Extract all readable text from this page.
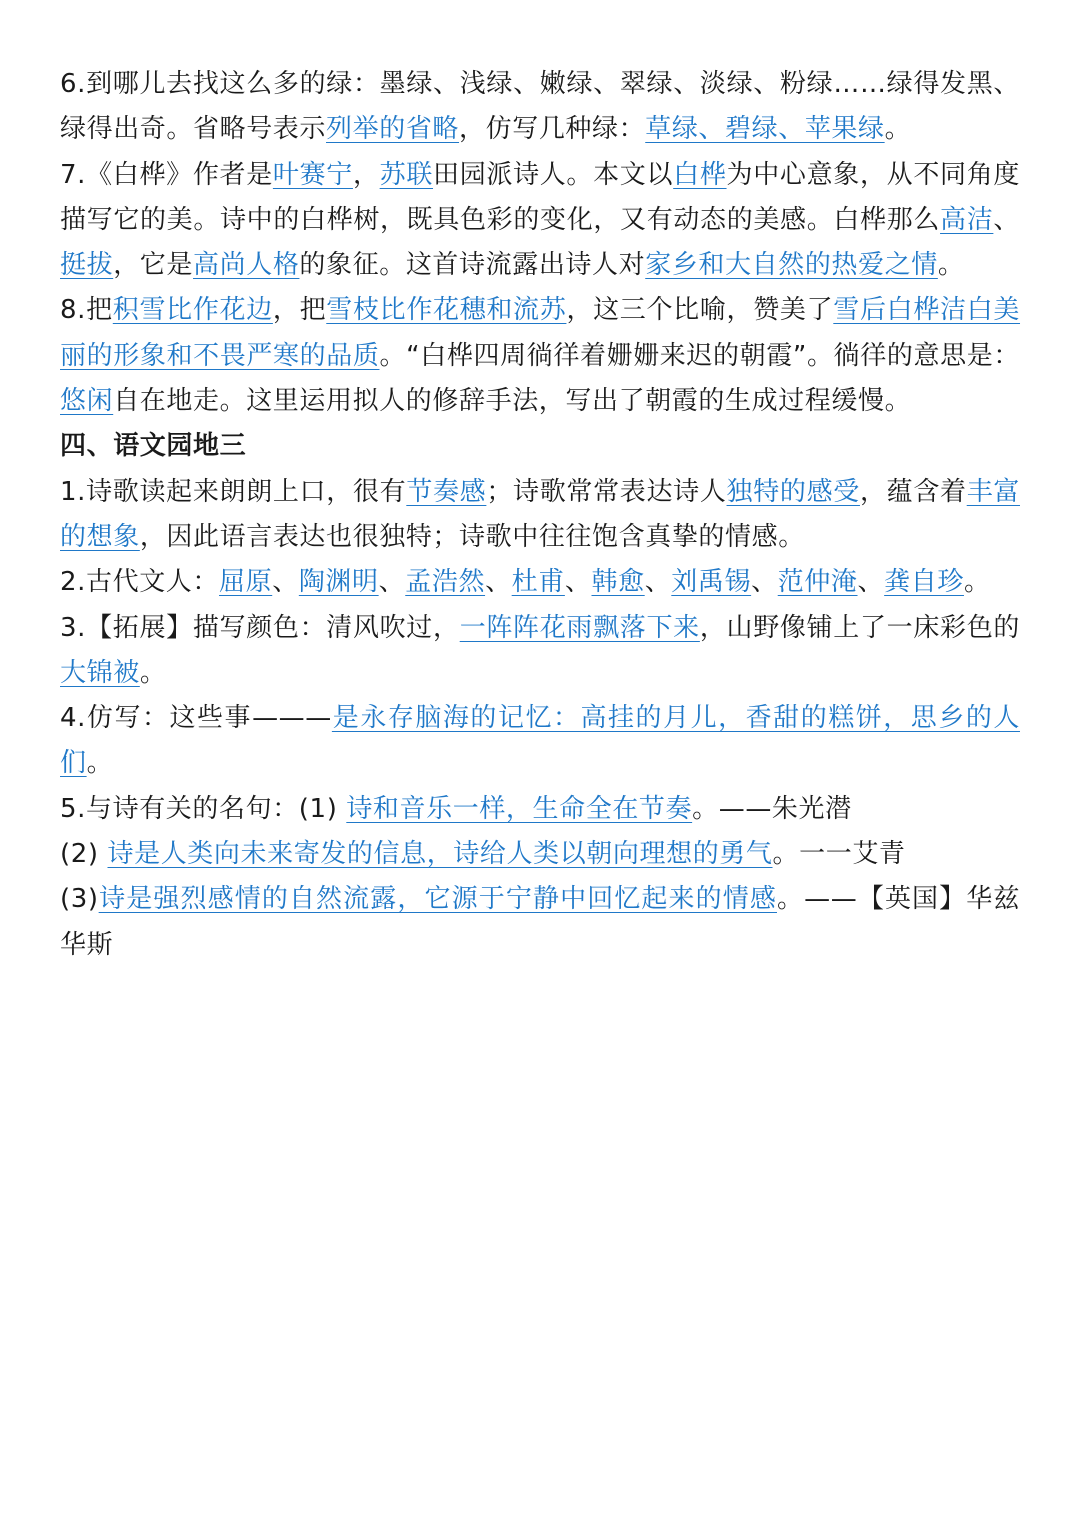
6.到哪儿去找这么多的绿：墨绿、浅绿、嫩绿、翠绿、淡绿、粉绿……绿得发黑、绿得出奇。省略号表示列举的省略，仿写几种绿：草绿、碧绿、苹果绿。

7.《白桦》作者是叶赛宁，苏联田园派诗人。本文以白桦为中心意象，从不同角度描写它的美。诗中的白桦树，既具色彩的变化，又有动态的美感。白桦那么高洁、挺拔，它是高尚人格的象征。这首诗流露出诗人对家乡和大自然的热爱之情。

8.把积雪比作花边，把雪枝比作花穗和流苏，这三个比喻，赞美了雪后白桦洁白美丽的形象和不畏严寒的品质。“白桦四周徜徉着姗姗来迟的朝霞”。徜徉的意思是：悠闲自在地走。这里运用拟人的修辞手法，写出了朝霞的生成过程缓慢。

四、语文园地三

1.诗歌读起来朗朗上口，很有节奏感；诗歌常常表达诗人独特的感受，蕴含着丰富的想象，因此语言表达也很独特；诗歌中往往饱含真挚的情感。

2.古代文人：屈原、陶渊明、孟浩然、杜甫、韩愈、刘禹锡、范仲淹、龚自珍。

3.【拓展】描写颜色：清风吹过，一阵阵花雨飘落下来，山野像铺上了一床彩色的大锦被。

4.仿写：这些事———是永存脑海的记忆：高挂的月儿，香甜的糕饼，思乡的人们。

5.与诗有关的名句：(1) 诗和音乐一样，生命全在节奏。——朱光潜

(2) 诗是人类向未来寄发的信息，诗给人类以朝向理想的勇气。一一艾青

(3)诗是强烈感情的自然流露，它源于宁静中回忆起来的情感。——【英国】华兹华斯
